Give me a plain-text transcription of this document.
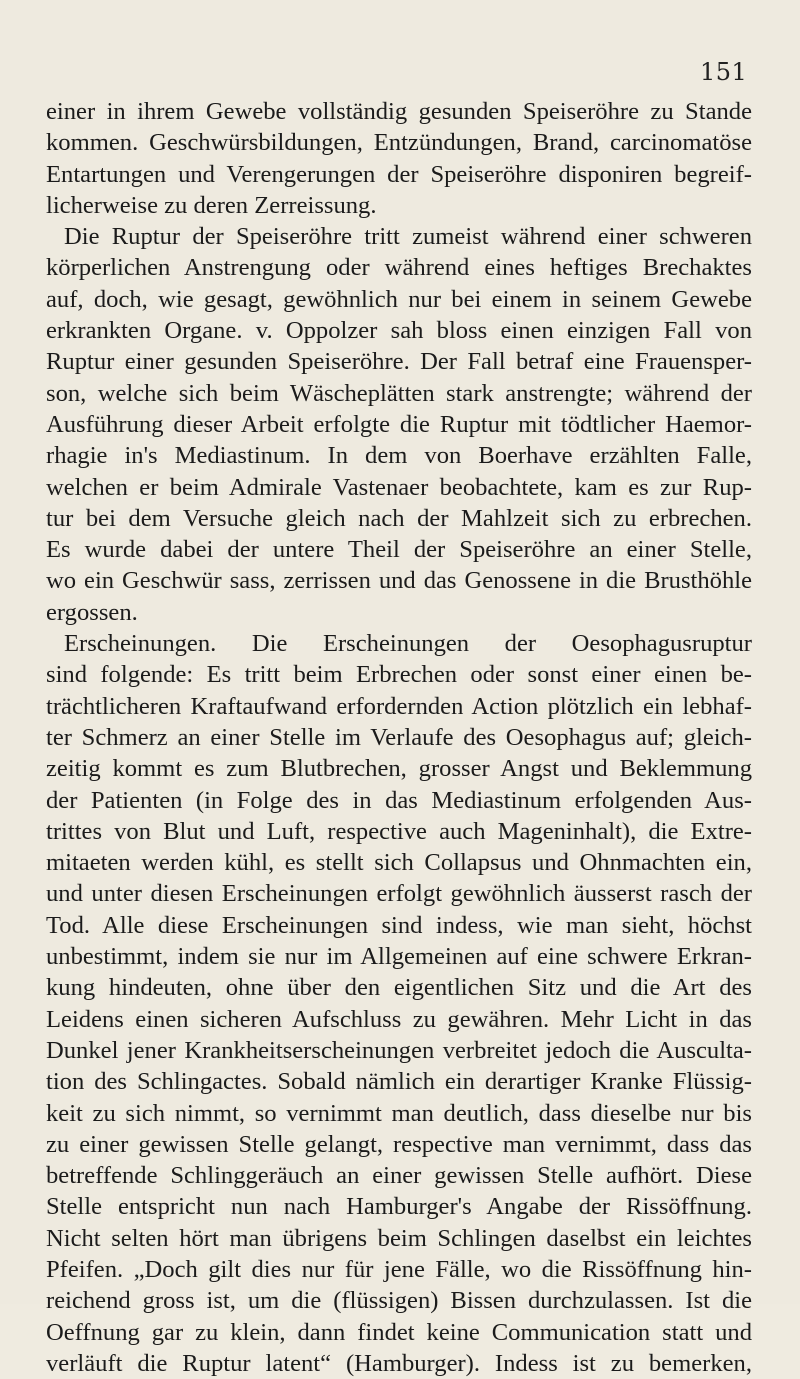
151
einer in ihrem Gewebe vollständig gesunden Speiseröhre zu Stande
kommen. Geschwürsbildungen, Entzündungen, Brand, carcinomatöse
Entartungen und Verengerungen der Speiseröhre disponiren begreif-
licherweise zu deren Zerreissung.
Die Ruptur der Speiseröhre tritt zumeist während einer schweren
körperlichen Anstrengung oder während eines heftiges Brechaktes
auf, doch, wie gesagt, gewöhnlich nur bei einem in seinem Gewebe
erkrankten Organe. v. Oppolzer sah bloss einen einzigen Fall von
Ruptur einer gesunden Speiseröhre. Der Fall betraf eine Frauensper-
son, welche sich beim Wäscheplätten stark anstrengte; während der
Ausführung dieser Arbeit erfolgte die Ruptur mit tödtlicher Haemor-
rhagie in's Mediastinum. In dem von Boerhave erzählten Falle,
welchen er beim Admirale Vastenaer beobachtete, kam es zur Rup-
tur bei dem Versuche gleich nach der Mahlzeit sich zu erbrechen.
Es wurde dabei der untere Theil der Speiseröhre an einer Stelle,
wo ein Geschwür sass, zerrissen und das Genossene in die Brusthöhle
ergossen.
Erscheinungen. Die Erscheinungen der Oesophagusruptur
sind folgende: Es tritt beim Erbrechen oder sonst einer einen be-
trächtlicheren Kraftaufwand erfordernden Action plötzlich ein lebhaf-
ter Schmerz an einer Stelle im Verlaufe des Oesophagus auf; gleich-
zeitig kommt es zum Blutbrechen, grosser Angst und Beklemmung
der Patienten (in Folge des in das Mediastinum erfolgenden Aus-
trittes von Blut und Luft, respective auch Mageninhalt), die Extre-
mitaeten werden kühl, es stellt sich Collapsus und Ohnmachten ein,
und unter diesen Erscheinungen erfolgt gewöhnlich äusserst rasch der
Tod. Alle diese Erscheinungen sind indess, wie man sieht, höchst
unbestimmt, indem sie nur im Allgemeinen auf eine schwere Erkran-
kung hindeuten, ohne über den eigentlichen Sitz und die Art des
Leidens einen sicheren Aufschluss zu gewähren. Mehr Licht in das
Dunkel jener Krankheitserscheinungen verbreitet jedoch die Ausculta-
tion des Schlingactes. Sobald nämlich ein derartiger Kranke Flüssig-
keit zu sich nimmt, so vernimmt man deutlich, dass dieselbe nur bis
zu einer gewissen Stelle gelangt, respective man vernimmt, dass das
betreffende Schlinggeräuch an einer gewissen Stelle aufhört. Diese
Stelle entspricht nun nach Hamburger's Angabe der Rissöffnung.
Nicht selten hört man übrigens beim Schlingen daselbst ein leichtes
Pfeifen. „Doch gilt dies nur für jene Fälle, wo die Rissöffnung hin-
reichend gross ist, um die (flüssigen) Bissen durchzulassen. Ist die
Oeffnung gar zu klein, dann findet keine Communication statt und
verläuft die Ruptur latent“ (Hamburger). Indess ist zu bemerken,
